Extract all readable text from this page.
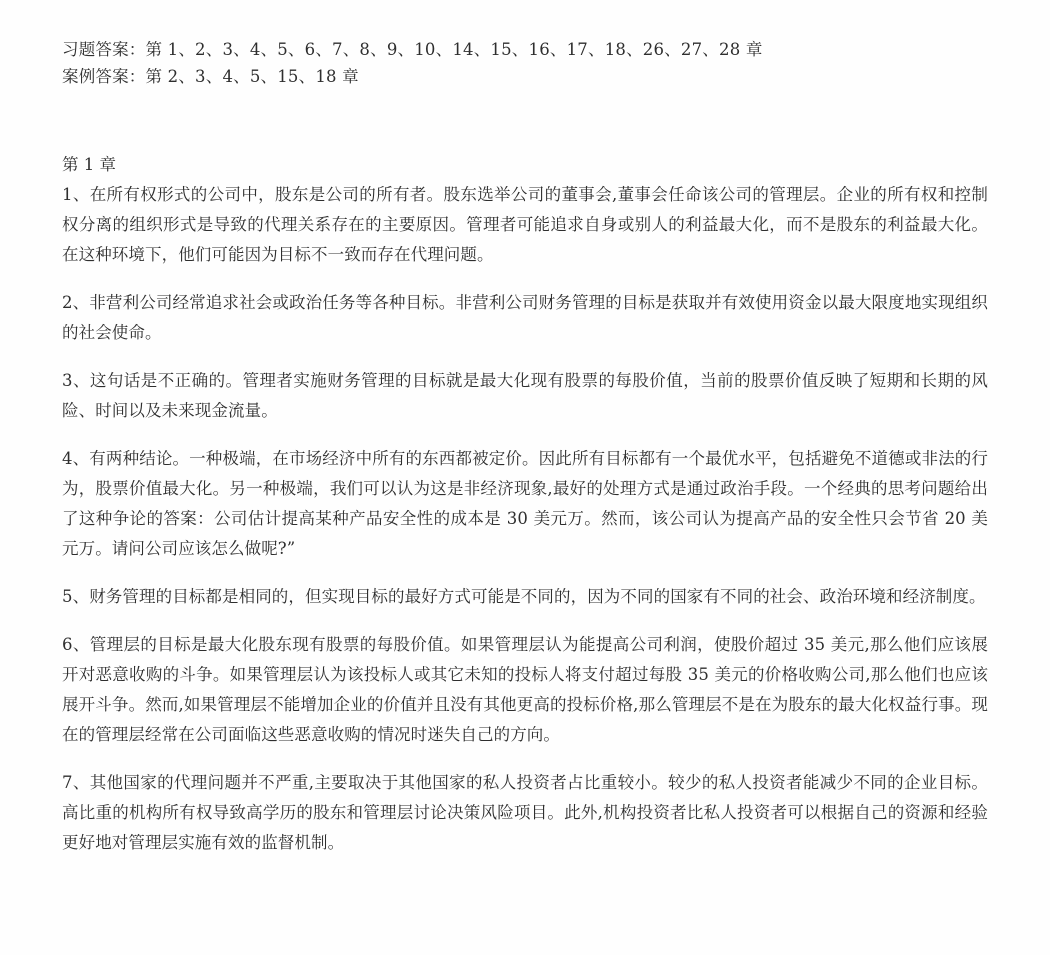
习题答案：第 1、2、3、4、5、6、7、8、9、10、14、15、16、17、18、26、27、28 章
案例答案：第 2、3、4、5、15、18 章
第 1 章

1、在所有权形式的公司中，股东是公司的所有者。股东选举公司的董事会,董事会任命该公司的管理层。企业的所有权和控制权分离的组织形式是导致的代理关系存在的主要原因。管理者可能追求自身或别人的利益最大化，而不是股东的利益最大化。在这种环境下，他们可能因为目标不一致而存在代理问题。

2、非营利公司经常追求社会或政治任务等各种目标。非营利公司财务管理的目标是获取并有效使用资金以最大限度地实现组织的社会使命。

3、这句话是不正确的。管理者实施财务管理的目标就是最大化现有股票的每股价值，当前的股票价值反映了短期和长期的风险、时间以及未来现金流量。

4、有两种结论。一种极端，在市场经济中所有的东西都被定价。因此所有目标都有一个最优水平，包括避免不道德或非法的行为，股票价值最大化。另一种极端，我们可以认为这是非经济现象,最好的处理方式是通过政治手段。一个经典的思考问题给出了这种争论的答案：公司估计提高某种产品安全性的成本是 30 美元万。然而，该公司认为提高产品的安全性只会节省 20 美元万。请问公司应该怎么做呢?”

5、财务管理的目标都是相同的，但实现目标的最好方式可能是不同的，因为不同的国家有不同的社会、政治环境和经济制度。

6、管理层的目标是最大化股东现有股票的每股价值。如果管理层认为能提高公司利润，使股价超过 35 美元,那么他们应该展开对恶意收购的斗争。如果管理层认为该投标人或其它未知的投标人将支付超过每股 35 美元的价格收购公司,那么他们也应该展开斗争。然而,如果管理层不能增加企业的价值并且没有其他更高的投标价格,那么管理层不是在为股东的最大化权益行事。现在的管理层经常在公司面临这些恶意收购的情况时迷失自己的方向。

7、其他国家的代理问题并不严重,主要取决于其他国家的私人投资者占比重较小。较少的私人投资者能减少不同的企业目标。高比重的机构所有权导致高学历的股东和管理层讨论决策风险项目。此外,机构投资者比私人投资者可以根据自己的资源和经验更好地对管理层实施有效的监督机制。
